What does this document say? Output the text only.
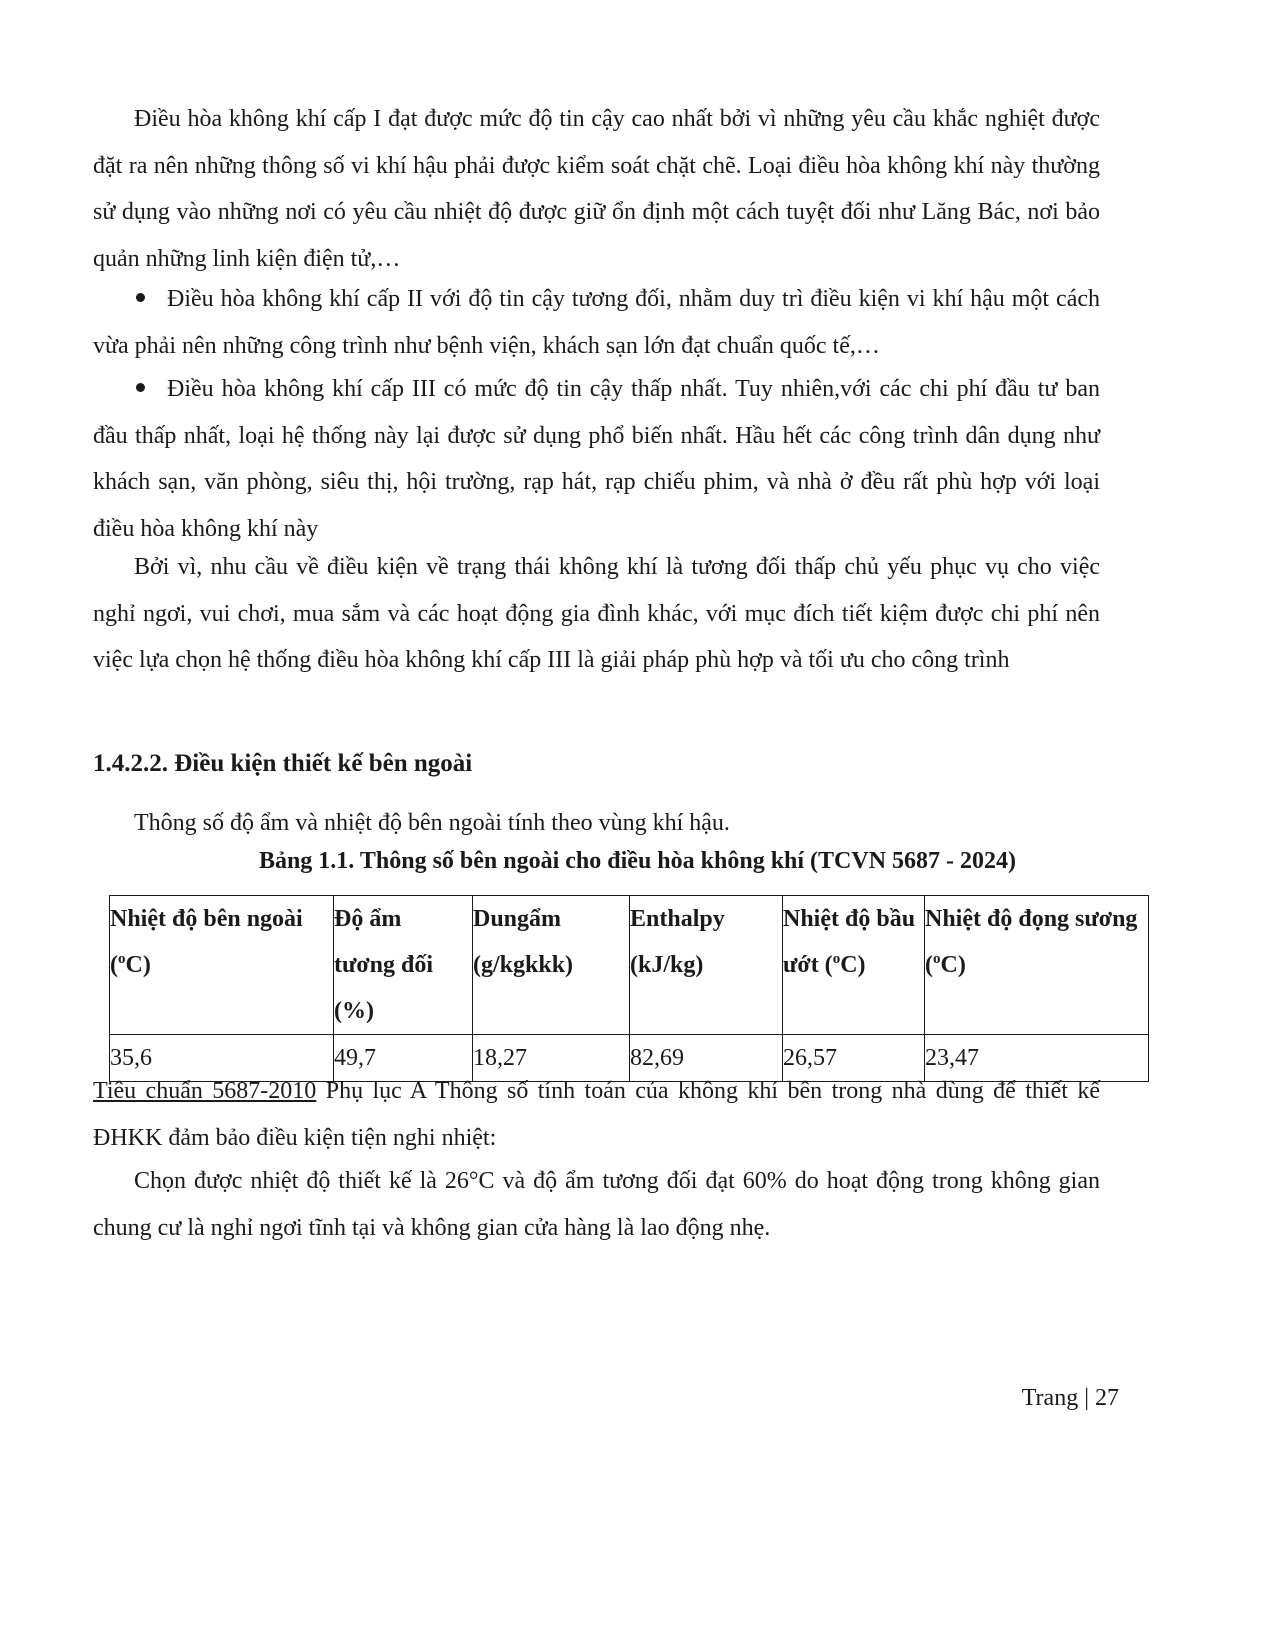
Điều hòa không khí cấp I đạt được mức độ tin cậy cao nhất bởi vì những yêu cầu khắc nghiệt được đặt ra nên những thông số vi khí hậu phải được kiểm soát chặt chẽ. Loại điều hòa không khí này thường sử dụng vào những nơi có yêu cầu nhiệt độ được giữ ổn định một cách tuyệt đối như Lăng Bác, nơi bảo quản những linh kiện điện tử,…

Điều hòa không khí cấp II với độ tin cậy tương đối, nhằm duy trì điều kiện vi khí hậu một cách vừa phải nên những công trình như bệnh viện, khách sạn lớn đạt chuẩn quốc tế,…

Điều hòa không khí cấp III có mức độ tin cậy thấp nhất. Tuy nhiên,với các chi phí đầu tư ban đầu thấp nhất, loại hệ thống này lại được sử dụng phổ biến nhất. Hầu hết các công trình dân dụng như khách sạn, văn phòng, siêu thị, hội trường, rạp hát, rạp chiếu phim, và nhà ở đều rất phù hợp với loại điều hòa không khí này

Bởi vì, nhu cầu về điều kiện về trạng thái không khí là tương đối thấp chủ yếu phục vụ cho việc nghỉ ngơi, vui chơi, mua sắm và các hoạt động gia đình khác, với mục đích tiết kiệm được chi phí nên việc lựa chọn hệ thống điều hòa không khí cấp III là giải pháp phù hợp và tối ưu cho công trình

1.4.2.2. Điều kiện thiết kế bên ngoài

Thông số độ ẩm và nhiệt độ bên ngoài tính theo vùng khí hậu.

Bảng 1.1. Thông số bên ngoài cho điều hòa không khí (TCVN 5687 - 2024)

Nhiệt độ bên ngoài ($^o$C)	Độ ẩm tương đối (%)	Dungẩm (g/kgkkk)	Enthalpy (kJ/kg)	Nhiệt độ bầu ướt ($^o$C)	Nhiệt độ đọng sương ($^o$C)
35,6	49,7	18,27	82,69	26,57	23,47

Tiêu chuẩn 5687-2010 Phụ lục A Thông số tính toán của không khí bên trong nhà dùng để thiết kế ĐHKK đảm bảo điều kiện tiện nghi nhiệt:

Chọn được nhiệt độ thiết kế là 26°C và độ ẩm tương đối đạt 60% do hoạt động trong không gian chung cư là nghỉ ngơi tĩnh tại và không gian cửa hàng là lao động nhẹ.

Trang | 27
